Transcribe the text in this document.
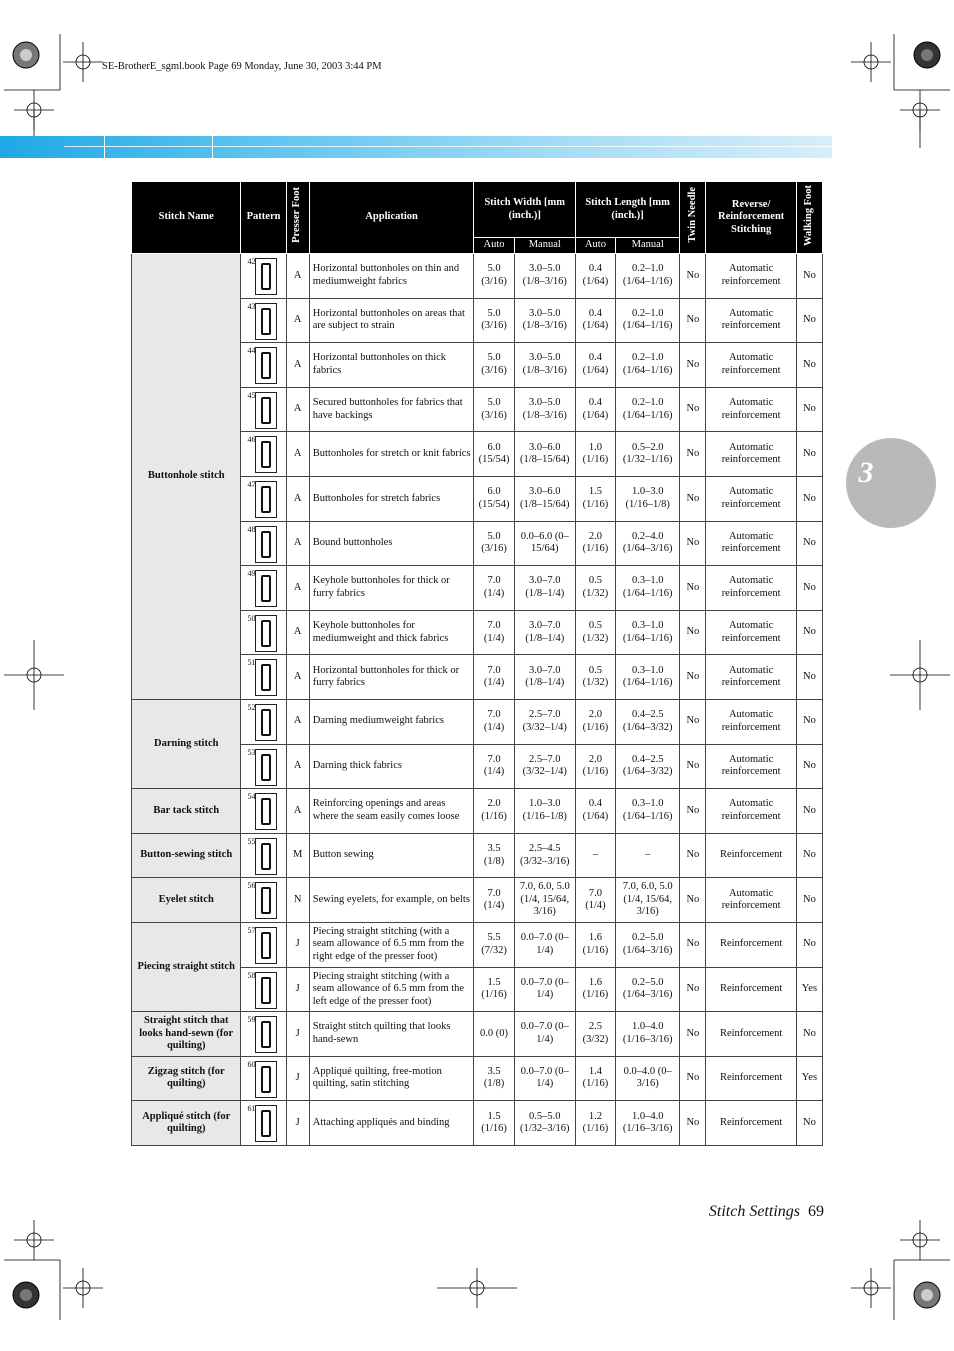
SE-BrotherE_sgml.book Page 69 Monday, June 30, 2003 3:44 PM
3
Stitch Name	Pattern	Presser Foot	Application	Stitch Width [mm (inch.)]		Stitch Length [mm (inch.)]		Twin Needle	Reverse/ Reinforcement Stitching	Walking Foot
				Auto	Manual	Auto	Manual			
Buttonhole stitch	42	A	Horizontal buttonholes on thin and mediumweight fabrics	5.0 (3/16)	3.0–5.0 (1/8–3/16)	0.4 (1/64)	0.2–1.0 (1/64–1/16)	No	Automatic reinforcement	No

	43	A	Horizontal buttonholes on areas that are subject to strain	5.0 (3/16)	3.0–5.0 (1/8–3/16)	0.4 (1/64)	0.2–1.0 (1/64–1/16)	No	Automatic reinforcement	No

	44	A	Horizontal buttonholes on thick fabrics	5.0 (3/16)	3.0–5.0 (1/8–3/16)	0.4 (1/64)	0.2–1.0 (1/64–1/16)	No	Automatic reinforcement	No

	45	A	Secured buttonholes for fabrics that have backings	5.0 (3/16)	3.0–5.0 (1/8–3/16)	0.4 (1/64)	0.2–1.0 (1/64–1/16)	No	Automatic reinforcement	No

	46	A	Buttonholes for stretch or knit fabrics	6.0 (15/54)	3.0–6.0 (1/8–15/64)	1.0 (1/16)	0.5–2.0 (1/32–1/16)	No	Automatic reinforcement	No

	47	A	Buttonholes for stretch fabrics	6.0 (15/54)	3.0–6.0 (1/8–15/64)	1.5 (1/16)	1.0–3.0 (1/16–1/8)	No	Automatic reinforcement	No

	48	A	Bound buttonholes	5.0 (3/16)	0.0–6.0 (0–15/64)	2.0 (1/16)	0.2–4.0 (1/64–3/16)	No	Automatic reinforcement	No

	49	A	Keyhole buttonholes for thick or furry fabrics	7.0 (1/4)	3.0–7.0 (1/8–1/4)	0.5 (1/32)	0.3–1.0 (1/64–1/16)	No	Automatic reinforcement	No

	50	A	Keyhole buttonholes for mediumweight and thick fabrics	7.0 (1/4)	3.0–7.0 (1/8–1/4)	0.5 (1/32)	0.3–1.0 (1/64–1/16)	No	Automatic reinforcement	No

	51	A	Horizontal buttonholes for thick or furry fabrics	7.0 (1/4)	3.0–7.0 (1/8–1/4)	0.5 (1/32)	0.3–1.0 (1/64–1/16)	No	Automatic reinforcement	No
Darning stitch	52	A	Darning mediumweight fabrics	7.0 (1/4)	2.5–7.0 (3/32–1/4)	2.0 (1/16)	0.4–2.5 (1/64–3/32)	No	Automatic reinforcement	No

	53	A	Darning thick fabrics	7.0 (1/4)	2.5–7.0 (3/32–1/4)	2.0 (1/16)	0.4–2.5 (1/64–3/32)	No	Automatic reinforcement	No
Bar tack stitch	54	A	Reinforcing openings and areas where the seam easily comes loose	2.0 (1/16)	1.0–3.0 (1/16–1/8)	0.4 (1/64)	0.3–1.0 (1/64–1/16)	No	Automatic reinforcement	No
Button-sewing stitch	55	M	Button sewing	3.5 (1/8)	2.5–4.5 (3/32–3/16)	–	–	No	Reinforcement	No
Eyelet stitch	56	N	Sewing eyelets, for example, on belts	7.0 (1/4)	7.0, 6.0, 5.0 (1/4, 15/64, 3/16)	7.0 (1/4)	7.0, 6.0, 5.0 (1/4, 15/64, 3/16)	No	Automatic reinforcement	No
Piecing straight stitch	57	J	Piecing straight stitching (with a seam allowance of 6.5 mm from the right edge of the presser foot)	5.5 (7/32)	0.0–7.0 (0–1/4)	1.6 (1/16)	0.2–5.0 (1/64–3/16)	No	Reinforcement	No

	58	J	Piecing straight stitching (with a seam allowance of 6.5 mm from the left edge of the presser foot)	1.5 (1/16)	0.0–7.0 (0–1/4)	1.6 (1/16)	0.2–5.0 (1/64–3/16)	No	Reinforcement	Yes
Straight stitch that looks hand-sewn (for quilting)	59	J	Straight stitch quilting that looks hand-sewn	0.0 (0)	0.0–7.0 (0–1/4)	2.5 (3/32)	1.0–4.0 (1/16–3/16)	No	Reinforcement	No
Zigzag stitch (for quilting)	60	J	Appliqué quilting, free-motion quilting, satin stitching	3.5 (1/8)	0.0–7.0 (0–1/4)	1.4 (1/16)	0.0–4.0 (0–3/16)	No	Reinforcement	Yes
Appliqué stitch (for quilting)	61	J	Attaching appliqués and binding	1.5 (1/16)	0.5–5.0 (1/32–3/16)	1.2 (1/16)	1.0–4.0 (1/16–3/16)	No	Reinforcement	No
Stitch Settings 69
